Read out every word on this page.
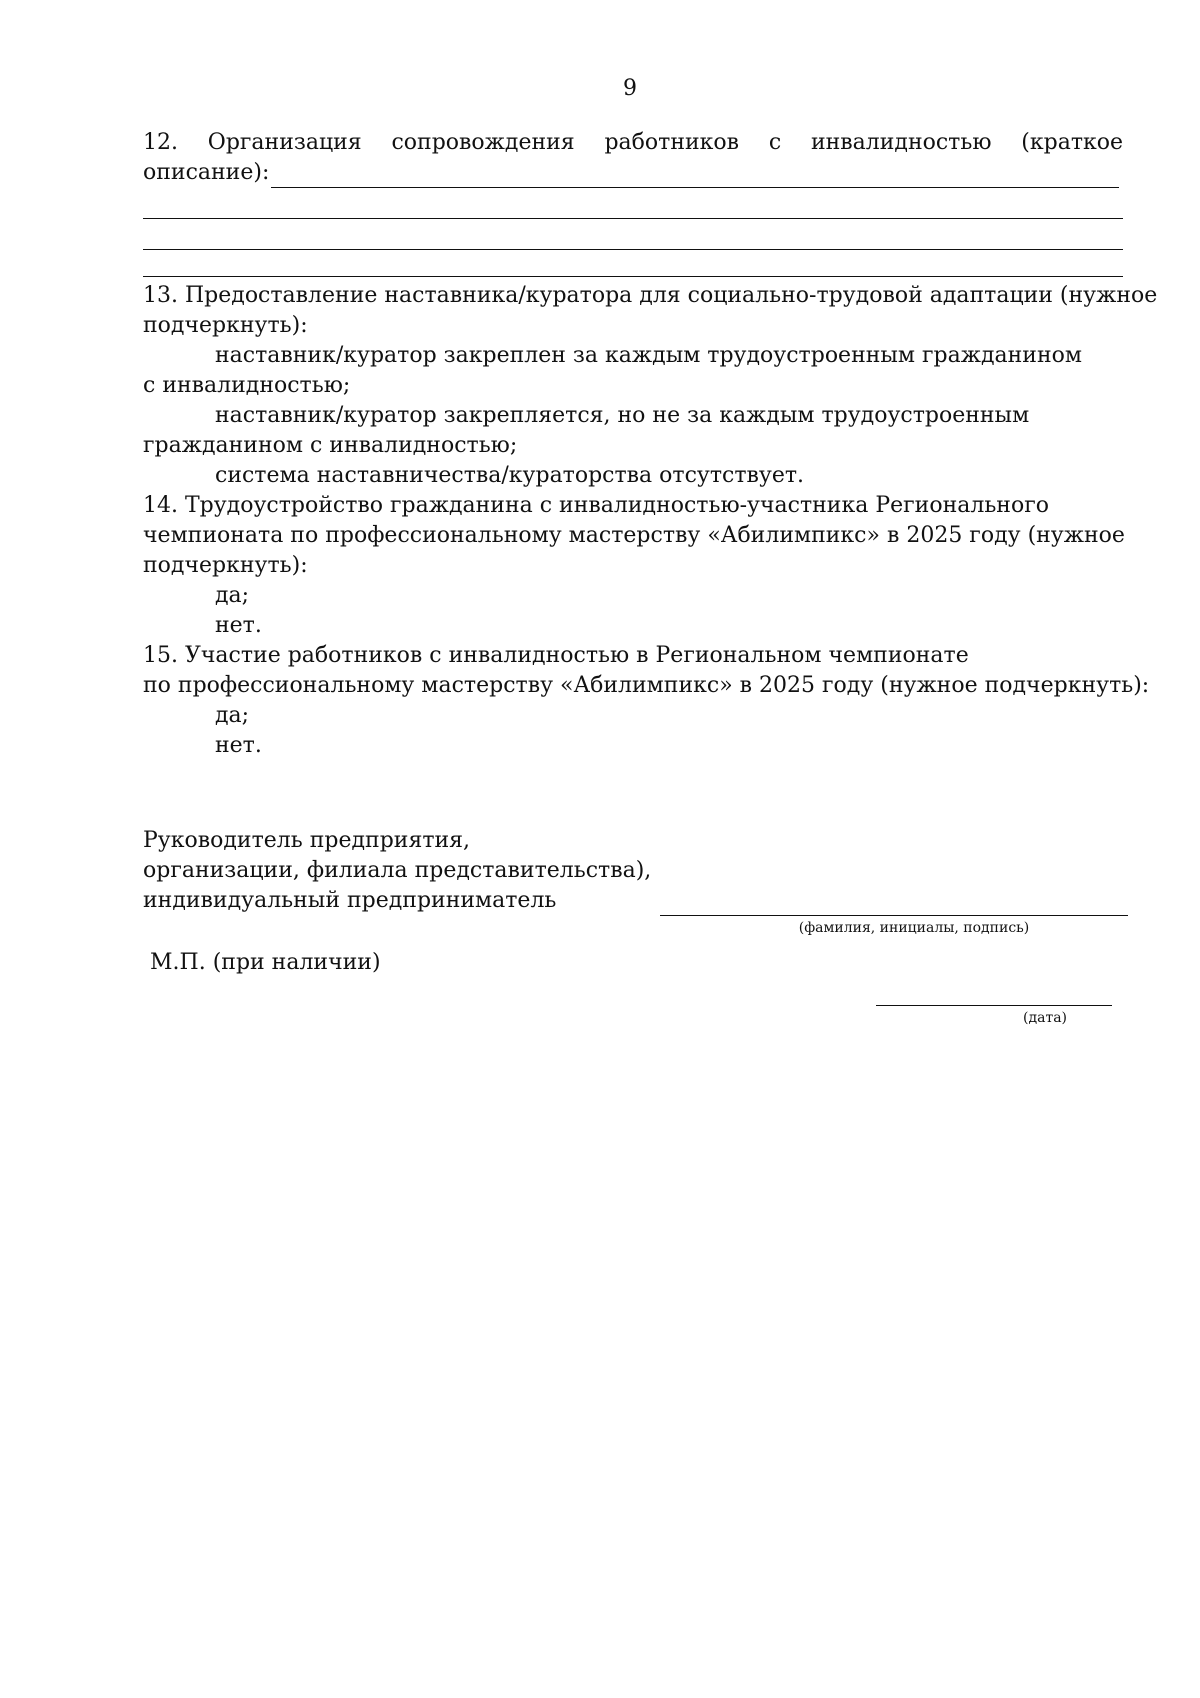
9
12. Организация сопровождения работников с инвалидностью (краткое
описание):
13. Предоставление наставника/куратора для социально-трудовой адаптации (нужное
подчеркнуть):
наставник/куратор закреплен за каждым трудоустроенным гражданином
с инвалидностью;
наставник/куратор закрепляется, но не за каждым трудоустроенным
гражданином с инвалидностью;
система наставничества/кураторства отсутствует.
14. Трудоустройство гражданина с инвалидностью-участника Регионального
чемпионата по профессиональному мастерству «Абилимпикс» в 2025 году (нужное
подчеркнуть):
да;
нет.
15. Участие работников с инвалидностью в Региональном чемпионате
по профессиональному мастерству «Абилимпикс» в 2025 году (нужное подчеркнуть):
да;
нет.
Руководитель предприятия,
организации, филиала представительства),
индивидуальный предприниматель
(фамилия, инициалы, подпись)
М.П. (при наличии)
(дата)
